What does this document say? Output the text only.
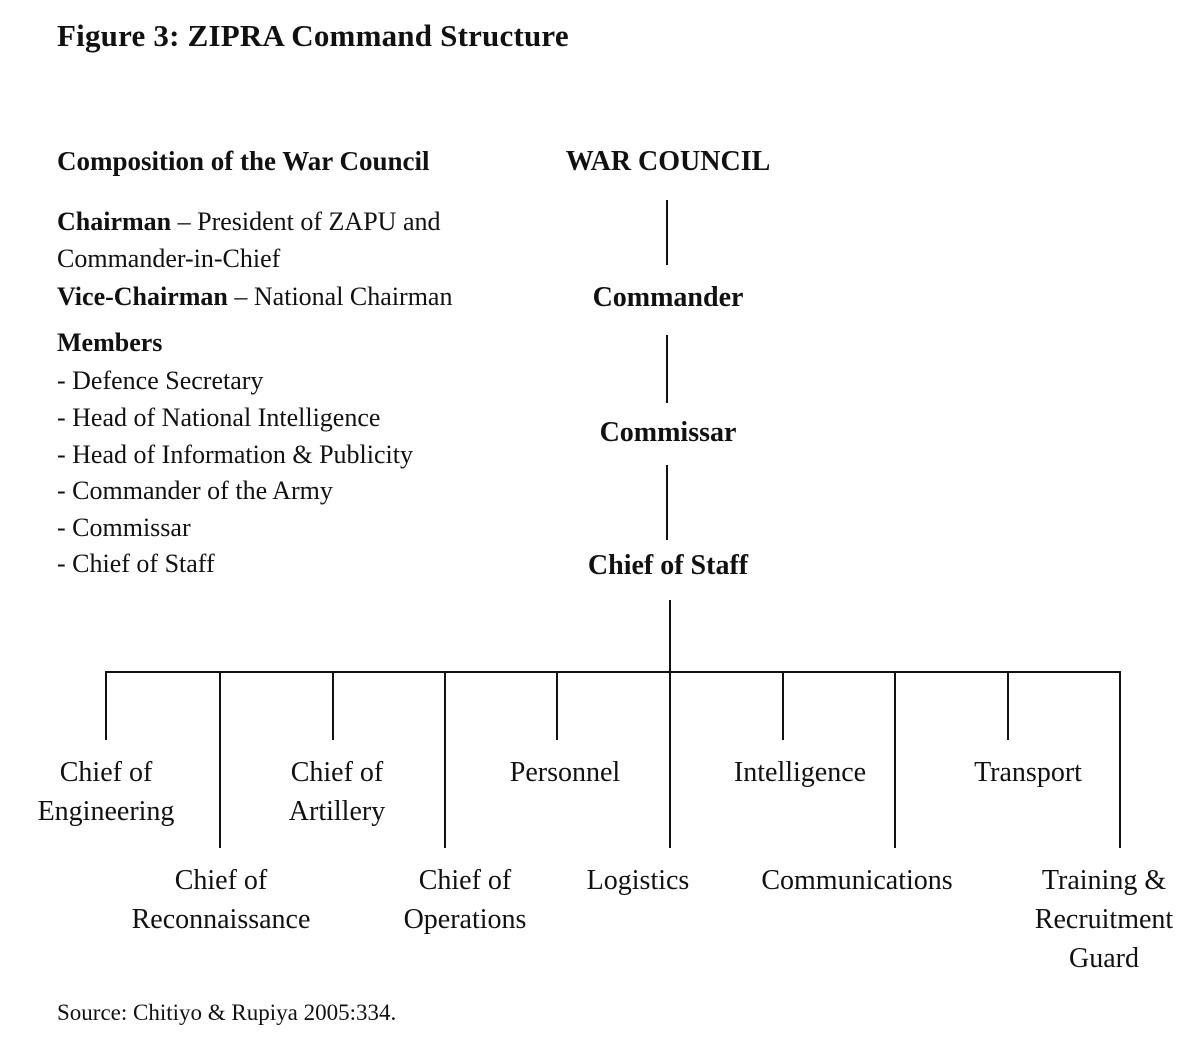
Figure 3: ZIPRA Command Structure
Composition of the War Council
Chairman – President of ZAPU and
Commander-in-Chief
Vice-Chairman – National Chairman
Members
- Defence Secretary
- Head of National Intelligence
- Head of Information & Publicity
- Commander of the Army
- Commissar
- Chief of Staff
WAR COUNCIL
Commander
Commissar
Chief of Staff
Chief of
Engineering
Chief of
Artillery
Personnel	Intelligence	Transport
Chief of
Reconnaissance
Chief of
Operations
Logistics	Communications	Training &
Recruitment
Guard
Source: Chitiyo & Rupiya 2005:334.
